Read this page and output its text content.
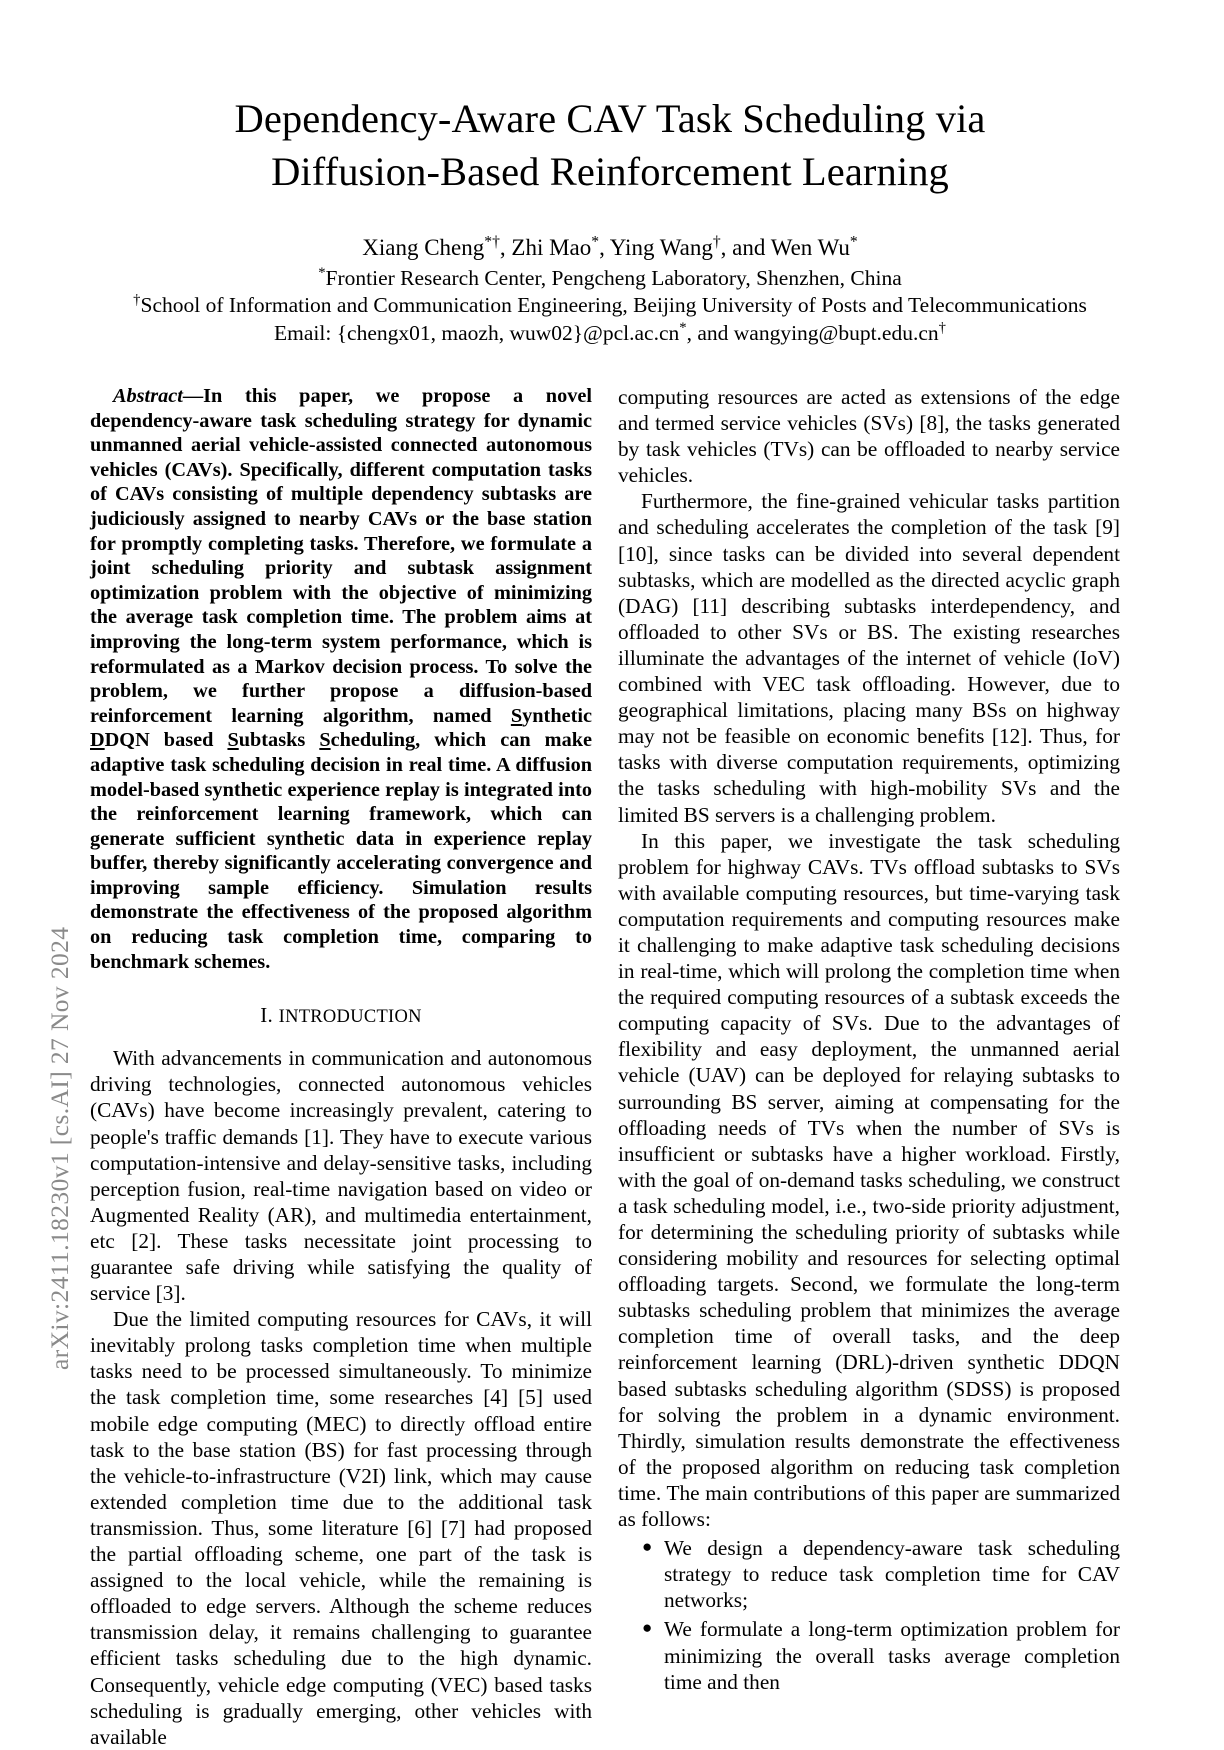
arXiv:2411.18230v1 [cs.AI] 27 Nov 2024
Dependency-Aware CAV Task Scheduling via
Diffusion-Based Reinforcement Learning
Xiang Cheng*†, Zhi Mao*, Ying Wang†, and Wen Wu*
*Frontier Research Center, Pengcheng Laboratory, Shenzhen, China
†School of Information and Communication Engineering, Beijing University of Posts and Telecommunications
Email: {chengx01, maozh, wuw02}@pcl.ac.cn*, and wangying@bupt.edu.cn†

Abstract—In this paper, we propose a novel dependency-aware task scheduling strategy for dynamic unmanned aerial vehicle-assisted connected autonomous vehicles (CAVs). Specifically, different computation tasks of CAVs consisting of multiple dependency subtasks are judiciously assigned to nearby CAVs or the base station for promptly completing tasks. Therefore, we formulate a joint scheduling priority and subtask assignment optimization problem with the objective of minimizing the average task completion time. The problem aims at improving the long-term system performance, which is reformulated as a Markov decision process. To solve the problem, we further propose a diffusion-based reinforcement learning algorithm, named Synthetic DDQN based Subtasks Scheduling, which can make adaptive task scheduling decision in real time. A diffusion model-based synthetic experience replay is integrated into the reinforcement learning framework, which can generate sufficient synthetic data in experience replay buffer, thereby significantly accelerating convergence and improving sample efficiency. Simulation results demonstrate the effectiveness of the proposed algorithm on reducing task completion time, comparing to benchmark schemes.

I. INTRODUCTION

With advancements in communication and autonomous driving technologies, connected autonomous vehicles (CAVs) have become increasingly prevalent, catering to people's traffic demands [1]. They have to execute various computation-intensive and delay-sensitive tasks, including perception fusion, real-time navigation based on video or Augmented Reality (AR), and multimedia entertainment, etc [2]. These tasks necessitate joint processing to guarantee safe driving while satisfying the quality of service [3].

Due the limited computing resources for CAVs, it will inevitably prolong tasks completion time when multiple tasks need to be processed simultaneously. To minimize the task completion time, some researches [4] [5] used mobile edge computing (MEC) to directly offload entire task to the base station (BS) for fast processing through the vehicle-to-infrastructure (V2I) link, which may cause extended completion time due to the additional task transmission. Thus, some literature [6] [7] had proposed the partial offloading scheme, one part of the task is assigned to the local vehicle, while the remaining is offloaded to edge servers. Although the scheme reduces transmission delay, it remains challenging to guarantee efficient tasks scheduling due to the high dynamic. Consequently, vehicle edge computing (VEC) based tasks scheduling is gradually emerging, other vehicles with available

computing resources are acted as extensions of the edge and termed service vehicles (SVs) [8], the tasks generated by task vehicles (TVs) can be offloaded to nearby service vehicles.

Furthermore, the fine-grained vehicular tasks partition and scheduling accelerates the completion of the task [9] [10], since tasks can be divided into several dependent subtasks, which are modelled as the directed acyclic graph (DAG) [11] describing subtasks interdependency, and offloaded to other SVs or BS. The existing researches illuminate the advantages of the internet of vehicle (IoV) combined with VEC task offloading. However, due to geographical limitations, placing many BSs on highway may not be feasible on economic benefits [12]. Thus, for tasks with diverse computation requirements, optimizing the tasks scheduling with high-mobility SVs and the limited BS servers is a challenging problem.

In this paper, we investigate the task scheduling problem for highway CAVs. TVs offload subtasks to SVs with available computing resources, but time-varying task computation requirements and computing resources make it challenging to make adaptive task scheduling decisions in real-time, which will prolong the completion time when the required computing resources of a subtask exceeds the computing capacity of SVs. Due to the advantages of flexibility and easy deployment, the unmanned aerial vehicle (UAV) can be deployed for relaying subtasks to surrounding BS server, aiming at compensating for the offloading needs of TVs when the number of SVs is insufficient or subtasks have a higher workload. Firstly, with the goal of on-demand tasks scheduling, we construct a task scheduling model, i.e., two-side priority adjustment, for determining the scheduling priority of subtasks while considering mobility and resources for selecting optimal offloading targets. Second, we formulate the long-term subtasks scheduling problem that minimizes the average completion time of overall tasks, and the deep reinforcement learning (DRL)-driven synthetic DDQN based subtasks scheduling algorithm (SDSS) is proposed for solving the problem in a dynamic environment. Thirdly, simulation results demonstrate the effectiveness of the proposed algorithm on reducing task completion time. The main contributions of this paper are summarized as follows:

● We design a dependency-aware task scheduling strategy to reduce task completion time for CAV networks;
● We formulate a long-term optimization problem for minimizing the overall tasks average completion time and then
